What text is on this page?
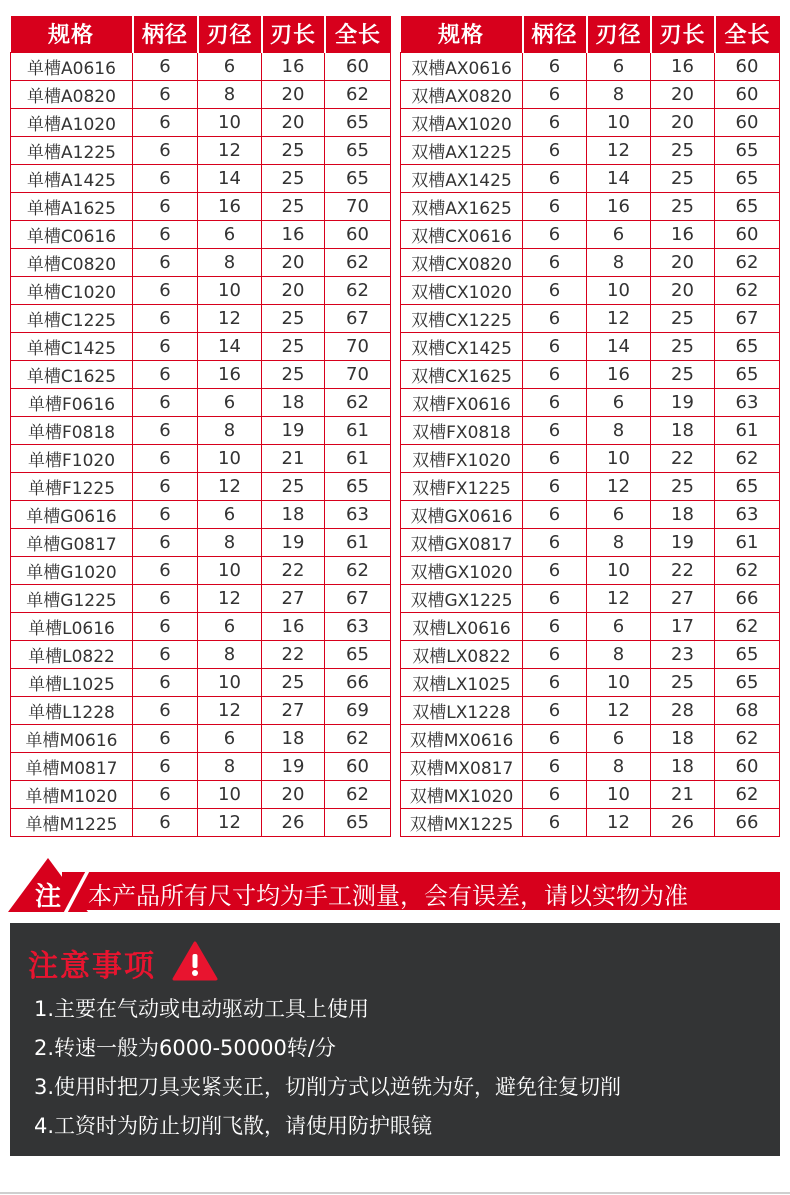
规格	柄径	刃径	刃长	全长
单槽A0616	6	6	16	60
单槽A0820	6	8	20	62
单槽A1020	6	10	20	65
单槽A1225	6	12	25	65
单槽A1425	6	14	25	65
单槽A1625	6	16	25	70
单槽C0616	6	6	16	60
单槽C0820	6	8	20	62
单槽C1020	6	10	20	62
单槽C1225	6	12	25	67
单槽C1425	6	14	25	70
单槽C1625	6	16	25	70
单槽F0616	6	6	18	62
单槽F0818	6	8	19	61
单槽F1020	6	10	21	61
单槽F1225	6	12	25	65
单槽G0616	6	6	18	63
单槽G0817	6	8	19	61
单槽G1020	6	10	22	62
单槽G1225	6	12	27	67
单槽L0616	6	6	16	63
单槽L0822	6	8	22	65
单槽L1025	6	10	25	66
单槽L1228	6	12	27	69
单槽M0616	6	6	18	62
单槽M0817	6	8	19	60
单槽M1020	6	10	20	62
单槽M1225	6	12	26	65
规格	柄径	刃径	刃长	全长
双槽AX0616	6	6	16	60
双槽AX0820	6	8	20	60
双槽AX1020	6	10	20	60
双槽AX1225	6	12	25	65
双槽AX1425	6	14	25	65
双槽AX1625	6	16	25	65
双槽CX0616	6	6	16	60
双槽CX0820	6	8	20	62
双槽CX1020	6	10	20	62
双槽CX1225	6	12	25	67
双槽CX1425	6	14	25	65
双槽CX1625	6	16	25	65
双槽FX0616	6	6	19	63
双槽FX0818	6	8	18	61
双槽FX1020	6	10	22	62
双槽FX1225	6	12	25	65
双槽GX0616	6	6	18	63
双槽GX0817	6	8	19	61
双槽GX1020	6	10	22	62
双槽GX1225	6	12	27	66
双槽LX0616	6	6	17	62
双槽LX0822	6	8	23	65
双槽LX1025	6	10	25	65
双槽LX1228	6	12	28	68
双槽MX0616	6	6	18	62
双槽MX0817	6	8	18	60
双槽MX1020	6	10	21	62
双槽MX1225	6	12	26	66
注 本产品所有尺寸均为手工测量，会有误差，请以实物为准
注意事项
1.主要在气动或电动驱动工具上使用
2.转速一般为6000-50000转/分
3.使用时把刀具夹紧夹正，切削方式以逆铣为好，避免往复切削
4.工资时为防止切削飞散，请使用防护眼镜
